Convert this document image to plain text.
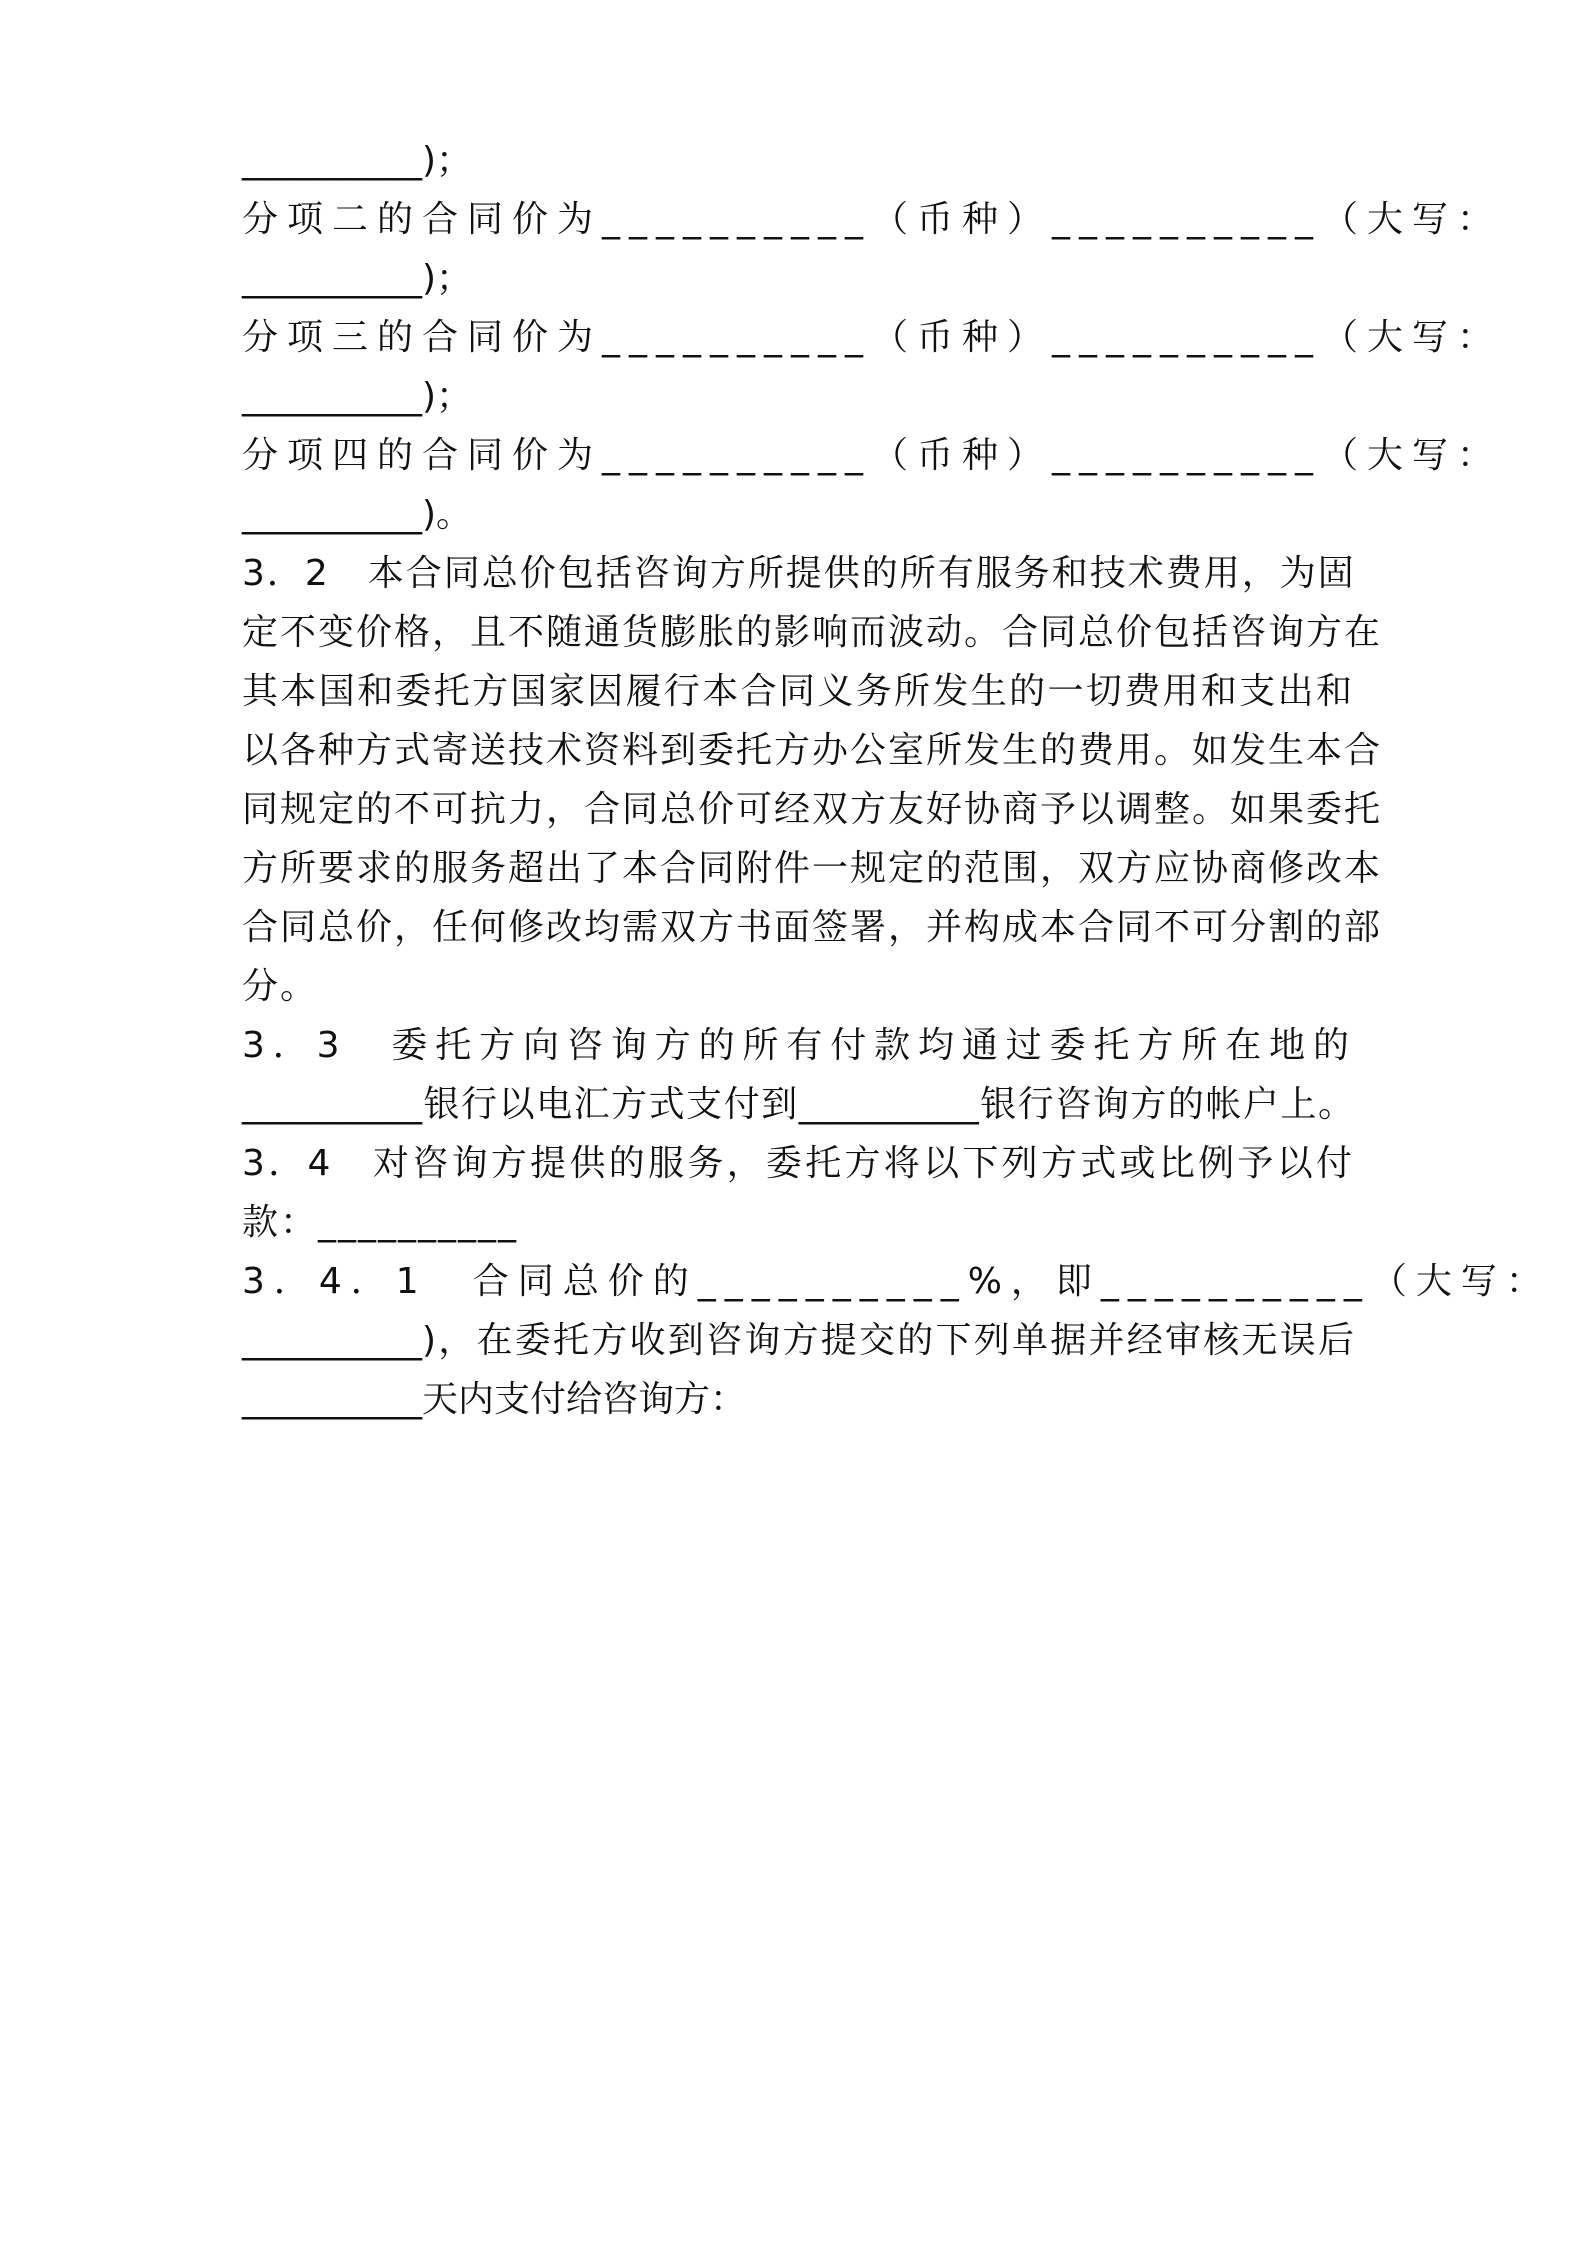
__________)；
分项二的合同价为__________（币种）__________（大写：
__________)；
分项三的合同价为__________（币种）__________（大写：
__________)；
分项四的合同价为__________（币种）__________（大写：
__________)。
3．2　本合同总价包括咨询方所提供的所有服务和技术费用，为固
定不变价格，且不随通货膨胀的影响而波动。合同总价包括咨询方在
其本国和委托方国家因履行本合同义务所发生的一切费用和支出和
以各种方式寄送技术资料到委托方办公室所发生的费用。如发生本合
同规定的不可抗力，合同总价可经双方友好协商予以调整。如果委托
方所要求的服务超出了本合同附件一规定的范围，双方应协商修改本
合同总价，任何修改均需双方书面签署，并构成本合同不可分割的部
分。
3．3　委托方向咨询方的所有付款均通过委托方所在地的
__________银行以电汇方式支付到__________银行咨询方的帐户上。
3．4　对咨询方提供的服务，委托方将以下列方式或比例予以付
款：__________
3．4．1　合同总价的__________%，即__________（大写：
__________)，在委托方收到咨询方提交的下列单据并经审核无误后
__________天内支付给咨询方：
